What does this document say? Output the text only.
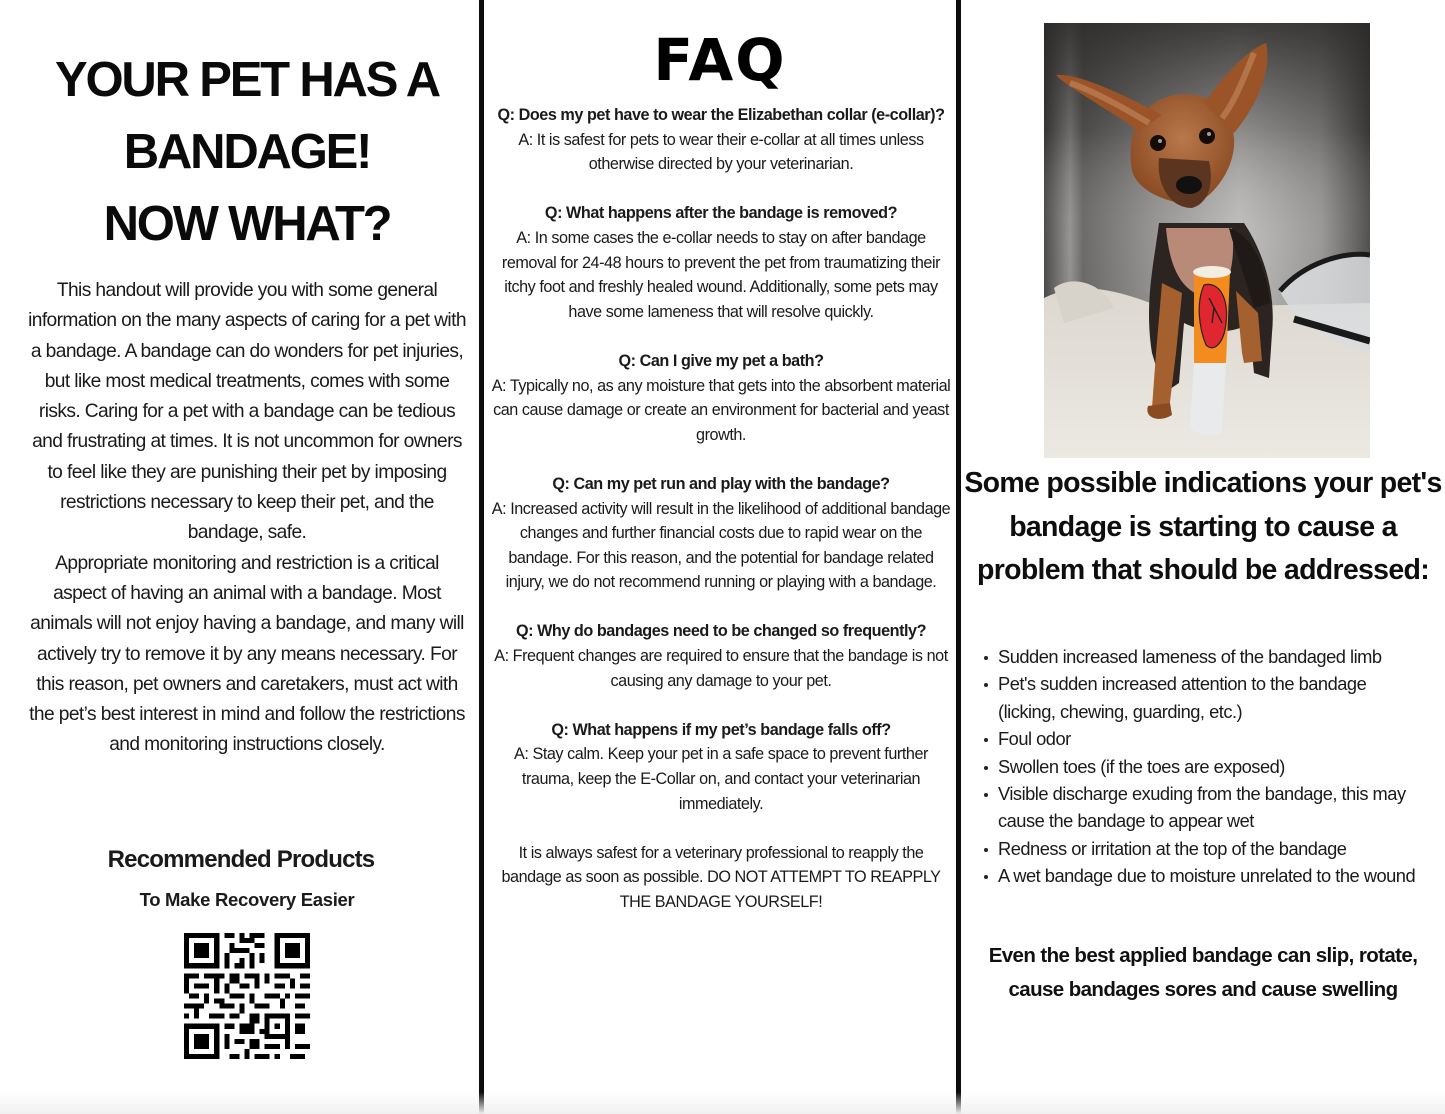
YOUR PET HAS A
BANDAGE!
NOW WHAT?

This handout will provide you with some general information on the many aspects of caring for a pet with a bandage. A bandage can do wonders for pet injuries, but like most medical treatments, comes with some risks. Caring for a pet with a bandage can be tedious and frustrating at times. It is not uncommon for owners to feel like they are punishing their pet by imposing restrictions necessary to keep their pet, and the bandage, safe.

Appropriate monitoring and restriction is a critical aspect of having an animal with a bandage. Most animals will not enjoy having a bandage, and many will actively try to remove it by any means necessary. For this reason, pet owners and caretakers, must act with the pet’s best interest in mind and follow the restrictions and monitoring instructions closely.

Recommended Products
To Make Recovery Easier
FAQ
Q: Does my pet have to wear the Elizabethan collar (e-collar)?
A: It is safest for pets to wear their e-collar at all times unless otherwise directed by your veterinarian.
Q: What happens after the bandage is removed?
A: In some cases the e-collar needs to stay on after bandage removal for 24-48 hours to prevent the pet from traumatizing their itchy foot and freshly healed wound. Additionally, some pets may have some lameness that will resolve quickly.
Q: Can I give my pet a bath?
A: Typically no, as any moisture that gets into the absorbent material can cause damage or create an environment for bacterial and yeast growth.
Q: Can my pet run and play with the bandage?
A: Increased activity will result in the likelihood of additional bandage changes and further financial costs due to rapid wear on the bandage. For this reason, and the potential for bandage related injury, we do not recommend running or playing with a bandage.
Q: Why do bandages need to be changed so frequently?
A: Frequent changes are required to ensure that the bandage is not causing any damage to your pet.
Q: What happens if my pet’s bandage falls off?
A: Stay calm. Keep your pet in a safe space to prevent further trauma, keep the E-Collar on, and contact your veterinarian immediately.
It is always safest for a veterinary professional to reapply the bandage as soon as possible. DO NOT ATTEMPT TO REAPPLY THE BANDAGE YOURSELF!
Some possible indications your pet's bandage is starting to cause a problem that should be addressed:
Sudden increased lameness of the bandaged limb
Pet's sudden increased attention to the bandage (licking, chewing, guarding, etc.)
Foul odor
Swollen toes (if the toes are exposed)
Visible discharge exuding from the bandage, this may cause the bandage to appear wet
Redness or irritation at the top of the bandage
A wet bandage due to moisture unrelated to the wound
Even the best applied bandage can slip, rotate, cause bandages sores and cause swelling
